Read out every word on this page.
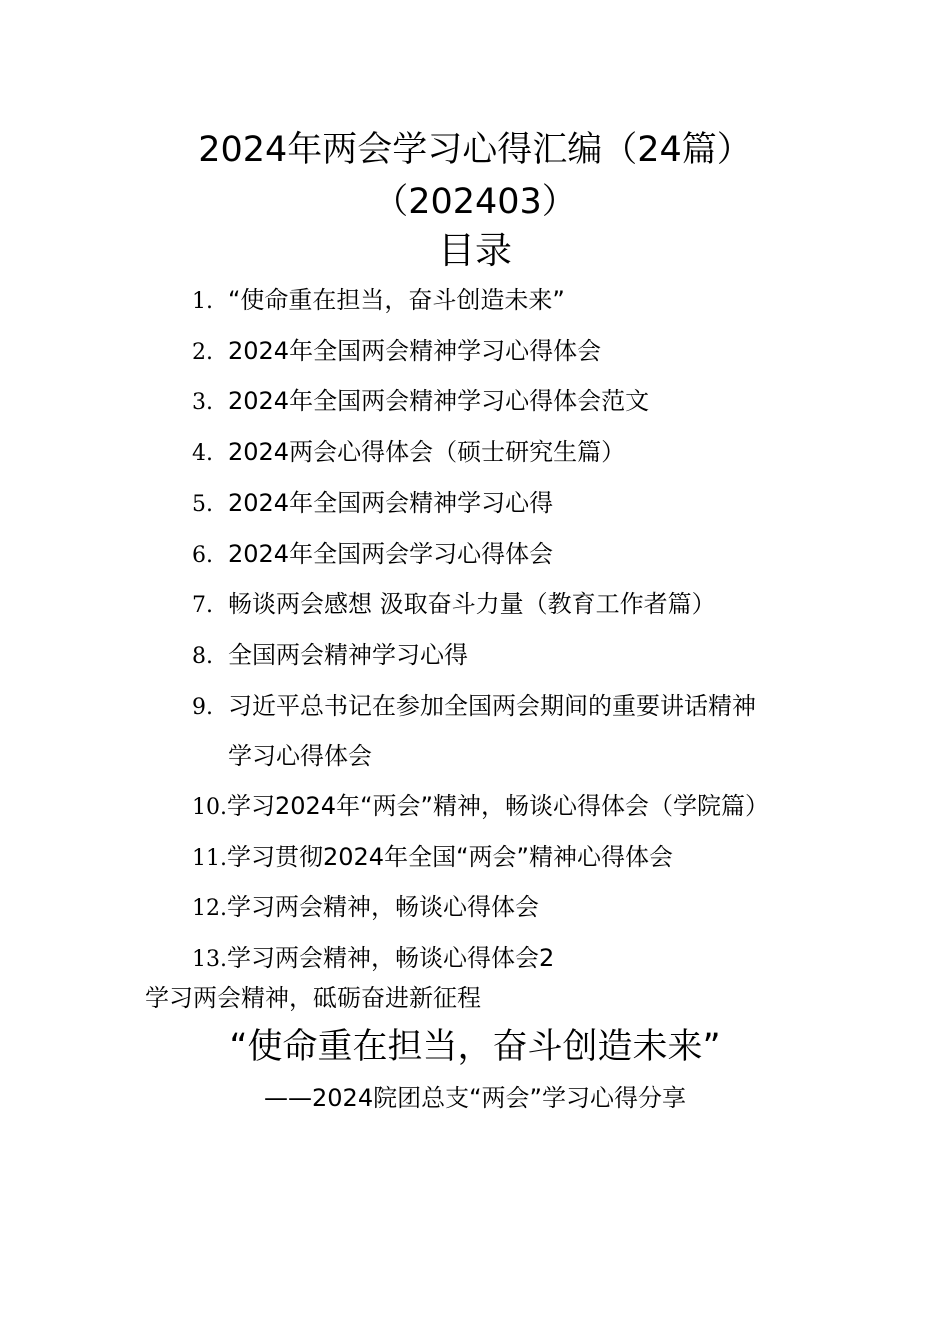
2024年两会学习心得汇编（24篇）
（202403）
目录
1. “使命重在担当，奋斗创造未来”
2. 2024年全国两会精神学习心得体会
3. 2024年全国两会精神学习心得体会范文
4. 2024两会心得体会（硕士研究生篇）
5. 2024年全国两会精神学习心得
6. 2024年全国两会学习心得体会
7. 畅谈两会感想 汲取奋斗力量（教育工作者篇）
8. 全国两会精神学习心得
9. 习近平总书记在参加全国两会期间的重要讲话精神
学习心得体会
10.学习2024年“两会”精神，畅谈心得体会（学院篇）
11.学习贯彻2024年全国“两会”精神心得体会
12.学习两会精神，畅谈心得体会
13.学习两会精神，畅谈心得体会2
学习两会精神，砥砺奋进新征程
“使命重在担当，奋斗创造未来”
——2024院团总支“两会”学习心得分享
